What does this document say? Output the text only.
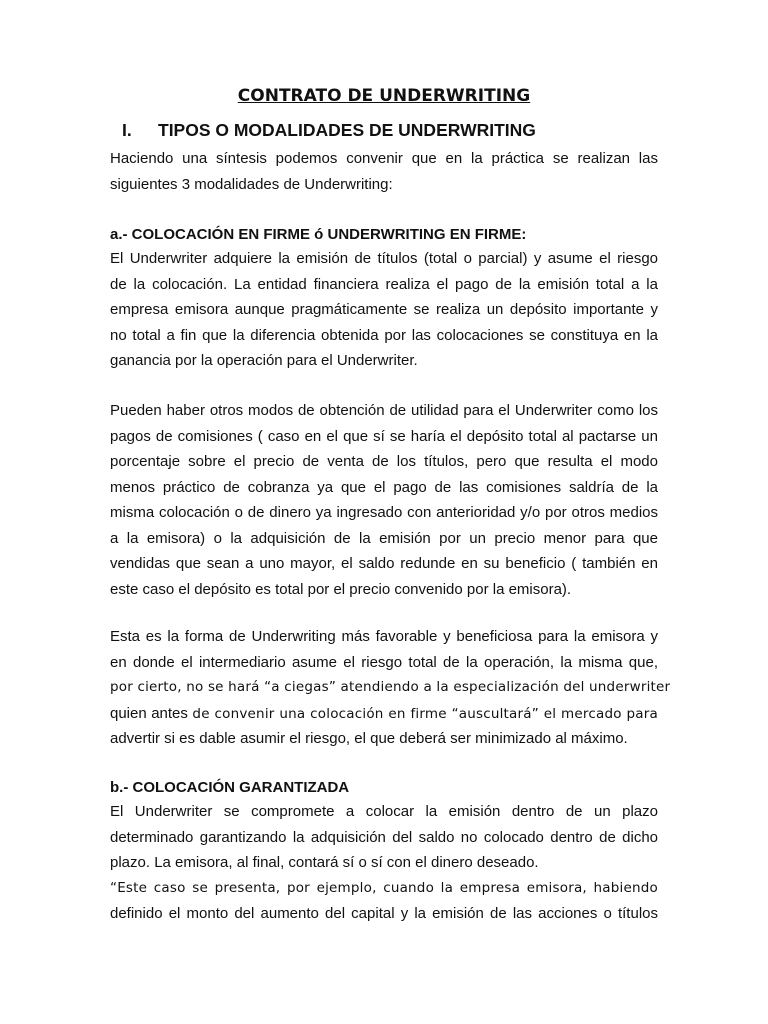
CONTRATO DE UNDERWRITING
I. TIPOS O MODALIDADES DE UNDERWRITING
Haciendo una síntesis podemos convenir que en la práctica se realizan las
siguientes 3 modalidades de Underwriting:
a.- COLOCACIÓN EN FIRME ó UNDERWRITING EN FIRME:
El Underwriter adquiere la emisión de títulos (total o parcial) y asume el riesgo
de la colocación. La entidad financiera realiza el pago de la emisión total a la
empresa emisora aunque pragmáticamente se realiza un depósito importante y
no total a fin que la diferencia obtenida por las colocaciones se constituya en la
ganancia por la operación para el Underwriter.
Pueden haber otros modos de obtención de utilidad para el Underwriter como los
pagos de comisiones ( caso en el que sí se haría el depósito total al pactarse un
porcentaje sobre el precio de venta de los títulos, pero que resulta el modo
menos práctico de cobranza ya que el pago de las comisiones saldría de la
misma colocación o de dinero ya ingresado con anterioridad y/o por otros medios
a la emisora) o la adquisición de la emisión por un precio menor para que
vendidas que sean a uno mayor, el saldo redunde en su beneficio ( también en
este caso el depósito es total por el precio convenido por la emisora).
Esta es la forma de Underwriting más favorable y beneficiosa para la emisora y
en donde el intermediario asume el riesgo total de la operación, la misma que,
por cierto, no se hará “a ciegas” atendiendo a la especialización del underwriter
quien antes de convenir una colocación en firme “auscultará” el mercado para
advertir si es dable asumir el riesgo, el que deberá ser minimizado al máximo.
b.- COLOCACIÓN GARANTIZADA
El Underwriter se compromete a colocar la emisión dentro de un plazo
determinado garantizando la adquisición del saldo no colocado dentro de dicho
plazo. La emisora, al final, contará sí o sí con el dinero deseado.
“Este caso se presenta, por ejemplo, cuando la empresa emisora, habiendo
definido el monto del aumento del capital y la emisión de las acciones o títulos
